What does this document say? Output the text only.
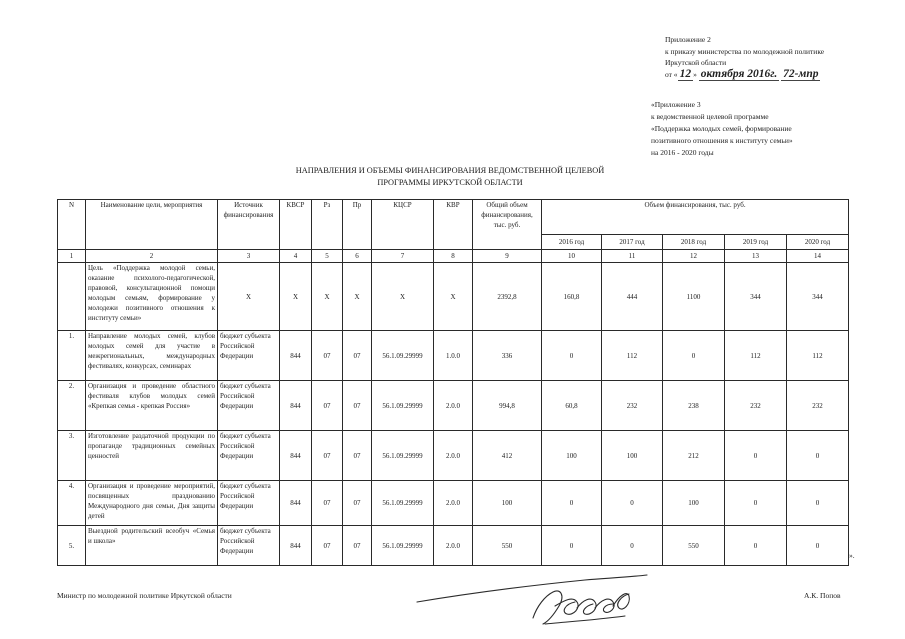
Приложение 2
к приказу министерства по молодежной политике
Иркутской области
от « 12 » октября 2016г. 72-мпр
«Приложение 3
к ведомственной целевой программе
«Поддержка молодых семей, формирование
позитивного отношения к институту семьи»
на 2016 - 2020 годы
НАПРАВЛЕНИЯ И ОБЪЕМЫ ФИНАНСИРОВАНИЯ ВЕДОМСТВЕННОЙ ЦЕЛЕВОЙ
ПРОГРАММЫ ИРКУТСКОЙ ОБЛАСТИ
N	Наименование цели, мероприятия	Источник финансирования	КВСР	Рз	Пр	КЦСР	КВР	Общий объем финансирования, тыс. руб.	Объем финансирования, тыс. руб.				
									2016 год	2017 год	2018 год	2019 год	2020 год
1	2	3	4	5	6	7	8	9	10	11	12	13	14
	Цель «Поддержка молодой семьи, оказание психолого-педагогической, правовой, консультационной помощи молодым семьям, формирование у молодежи позитивного отношения к институту семьи»	Х	Х	Х	Х	Х	Х	2392,8	160,8	444	1100	344	344
1.	Направление молодых семей, клубов молодых семей для участие в межрегиональных, международных фестивалях, конкурсах, семинарах	бюджет субъекта Российской Федерации	844	07	07	56.1.09.29999	1.0.0	336	0	112	0	112	112
2.	Организация и проведение областного фестиваля клубов молодых семей «Крепкая семья - крепкая Россия»	бюджет субъекта Российской Федерации	844	07	07	56.1.09.29999	2.0.0	994,8	60,8	232	238	232	232
3.	Изготовление раздаточной продукции по пропаганде традиционных семейных ценностей	бюджет субъекта Российской Федерации	844	07	07	56.1.09.29999	2.0.0	412	100	100	212	0	0
4.	Организация и проведение мероприятий, посвященных празднованию Международного дня семьи, Дня защиты детей	бюджет субъекта Российской Федерации	844	07	07	56.1.09.29999	2.0.0	100	0	0	100	0	0
5.	Выездной родительский всеобуч «Семья и школа»	бюджет субъекта Российской Федерации	844	07	07	56.1.09.29999	2.0.0	550	0	0	550	0	0
».
Министр по молодежной политике Иркутской области	А.К. Попов
